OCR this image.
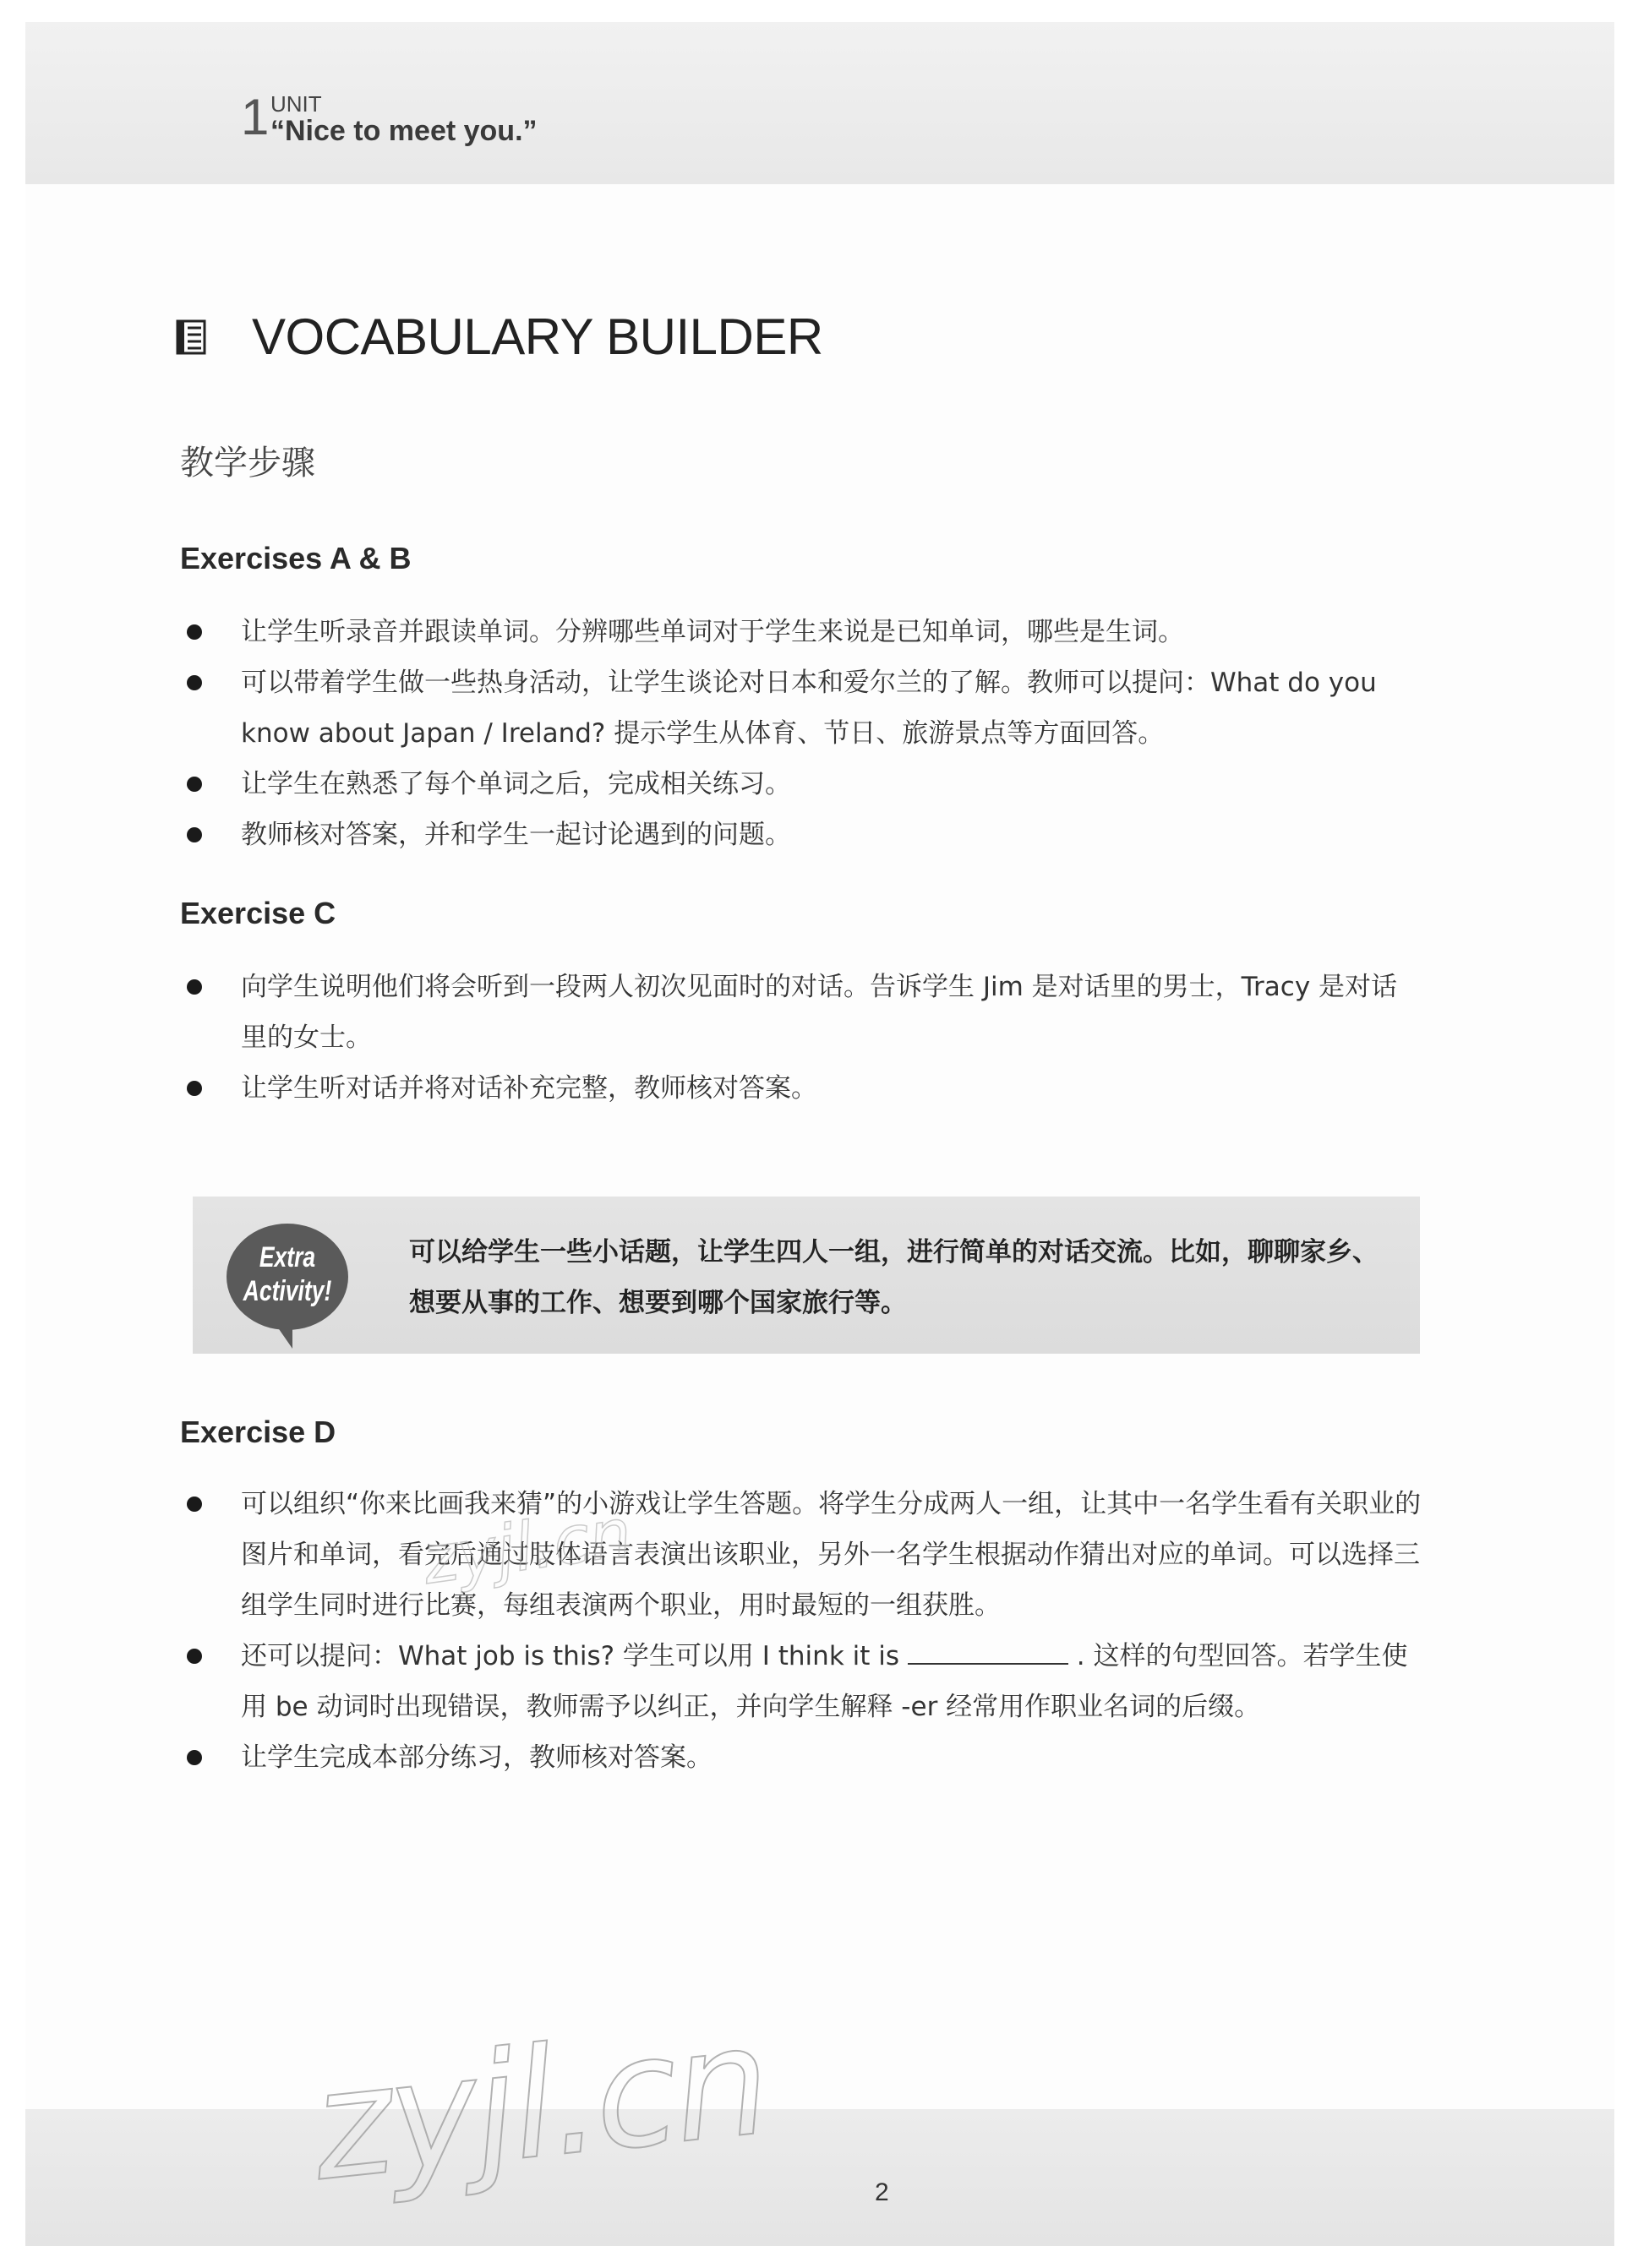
1 UNIT
“Nice to meet you.”
VOCABULARY BUILDER
教学步骤
Exercises A & B
让学生听录音并跟读单词。分辨哪些单词对于学生来说是已知单词，哪些是生词。
可以带着学生做一些热身活动，让学生谈论对日本和爱尔兰的了解。教师可以提问：What do you know about Japan / Ireland? 提示学生从体育、节日、旅游景点等方面回答。
让学生在熟悉了每个单词之后，完成相关练习。
教师核对答案，并和学生一起讨论遇到的问题。
Exercise C
向学生说明他们将会听到一段两人初次见面时的对话。告诉学生 Jim 是对话里的男士，Tracy 是对话里的女士。
让学生听对话并将对话补充完整，教师核对答案。
Extra
Activity!
可以给学生一些小话题，让学生四人一组，进行简单的对话交流。比如，聊聊家乡、想要从事的工作、想要到哪个国家旅行等。
Exercise D
可以组织“你来比画我来猜”的小游戏让学生答题。将学生分成两人一组，让其中一名学生看有关职业的图片和单词，看完后通过肢体语言表演出该职业，另外一名学生根据动作猜出对应的单词。可以选择三组学生同时进行比赛，每组表演两个职业，用时最短的一组获胜。
还可以提问：What job is this? 学生可以用 I think it is	. 这样的句型回答。若学生使用 be 动词时出现错误，教师需予以纠正，并向学生解释 -er 经常用作职业名词的后缀。
让学生完成本部分练习，教师核对答案。
zyjl.cn
zyjl.cn	2
